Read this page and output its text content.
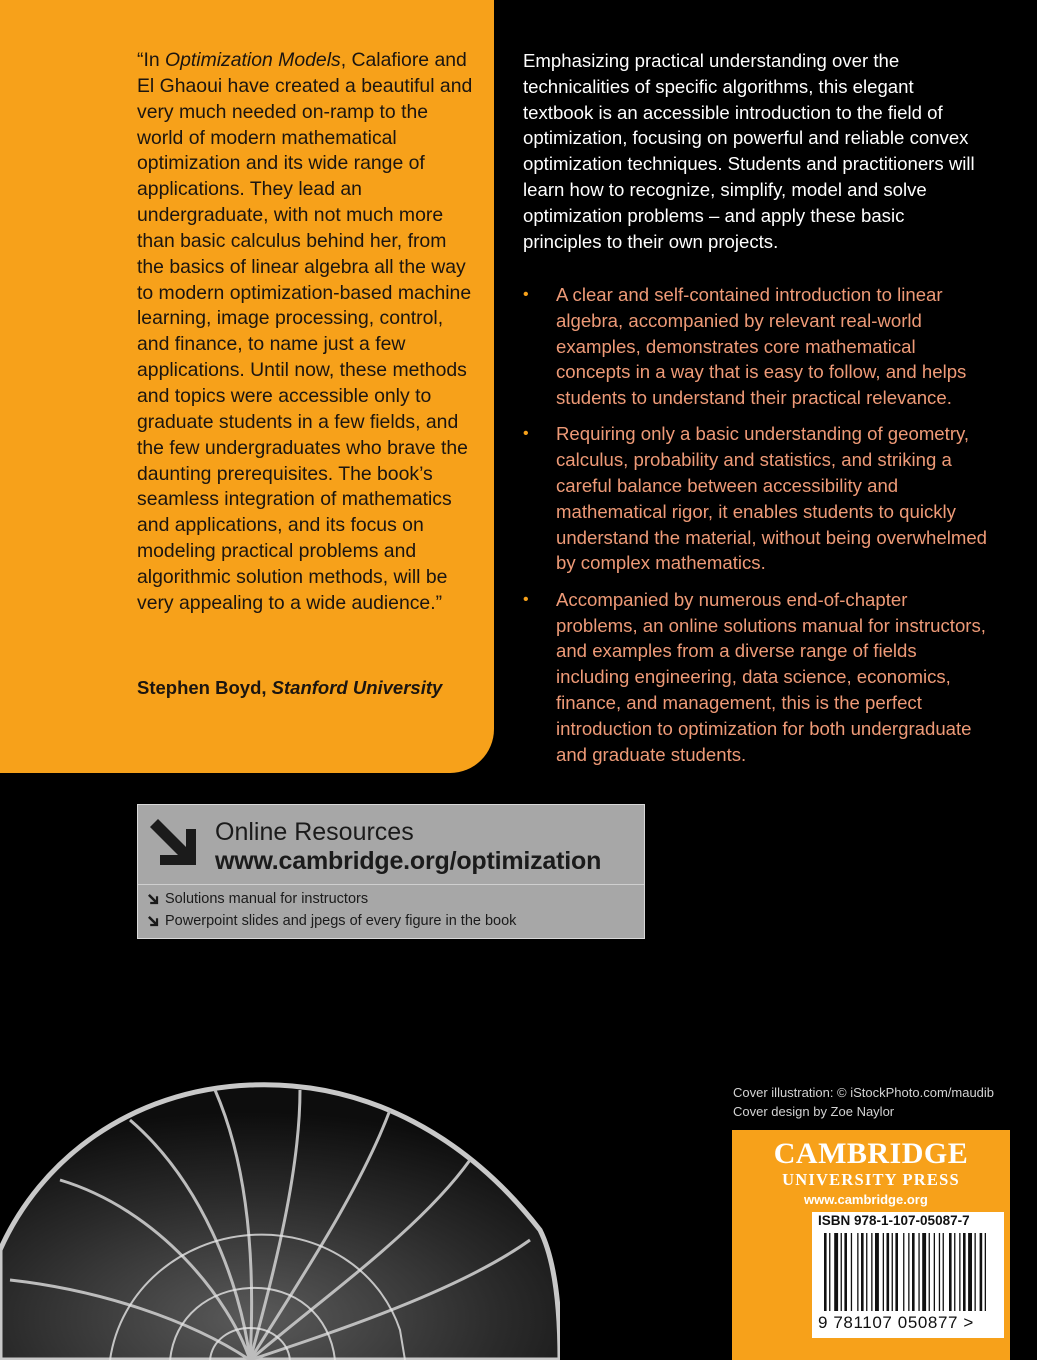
“In Optimization Models, Calafiore and El Ghaoui have created a beautiful and very much needed on-ramp to the world of modern mathematical optimization and its wide range of applications. They lead an undergraduate, with not much more than basic calculus behind her, from the basics of linear algebra all the way to modern optimization-based machine learning, image processing, control, and finance, to name just a few applications. Until now, these methods and topics were accessible only to graduate students in a few fields, and the few undergraduates who brave the daunting prerequisites. The book’s seamless integration of mathematics and applications, and its focus on modeling practical problems and algorithmic solution methods, will be very appealing to a wide audience.”

Stephen Boyd, Stanford University

Emphasizing practical understanding over the technicalities of specific algorithms, this elegant textbook is an accessible introduction to the field of optimization, focusing on powerful and reliable convex optimization techniques. Students and practitioners will learn how to recognize, simplify, model and solve optimization problems – and apply these basic principles to their own projects.

• A clear and self-contained introduction to linear algebra, accompanied by relevant real-world examples, demonstrates core mathematical concepts in a way that is easy to follow, and helps students to understand their practical relevance.
• Requiring only a basic understanding of geometry, calculus, probability and statistics, and striking a careful balance between accessibility and mathematical rigor, it enables students to quickly understand the material, without being overwhelmed by complex mathematics.
• Accompanied by numerous end-of-chapter problems, an online solutions manual for instructors, and examples from a diverse range of fields including engineering, data science, economics, finance, and management, this is the perfect introduction to optimization for both undergraduate and graduate students.
Online Resources
www.cambridge.org/optimization
Solutions manual for instructors
Powerpoint slides and jpegs of every figure in the book
Cover illustration: © iStockPhoto.com/maudib
Cover design by Zoe Naylor
CAMBRIDGE
UNIVERSITY PRESS
www.cambridge.org
ISBN 978-1-107-05087-7
9 781107 050877 >
